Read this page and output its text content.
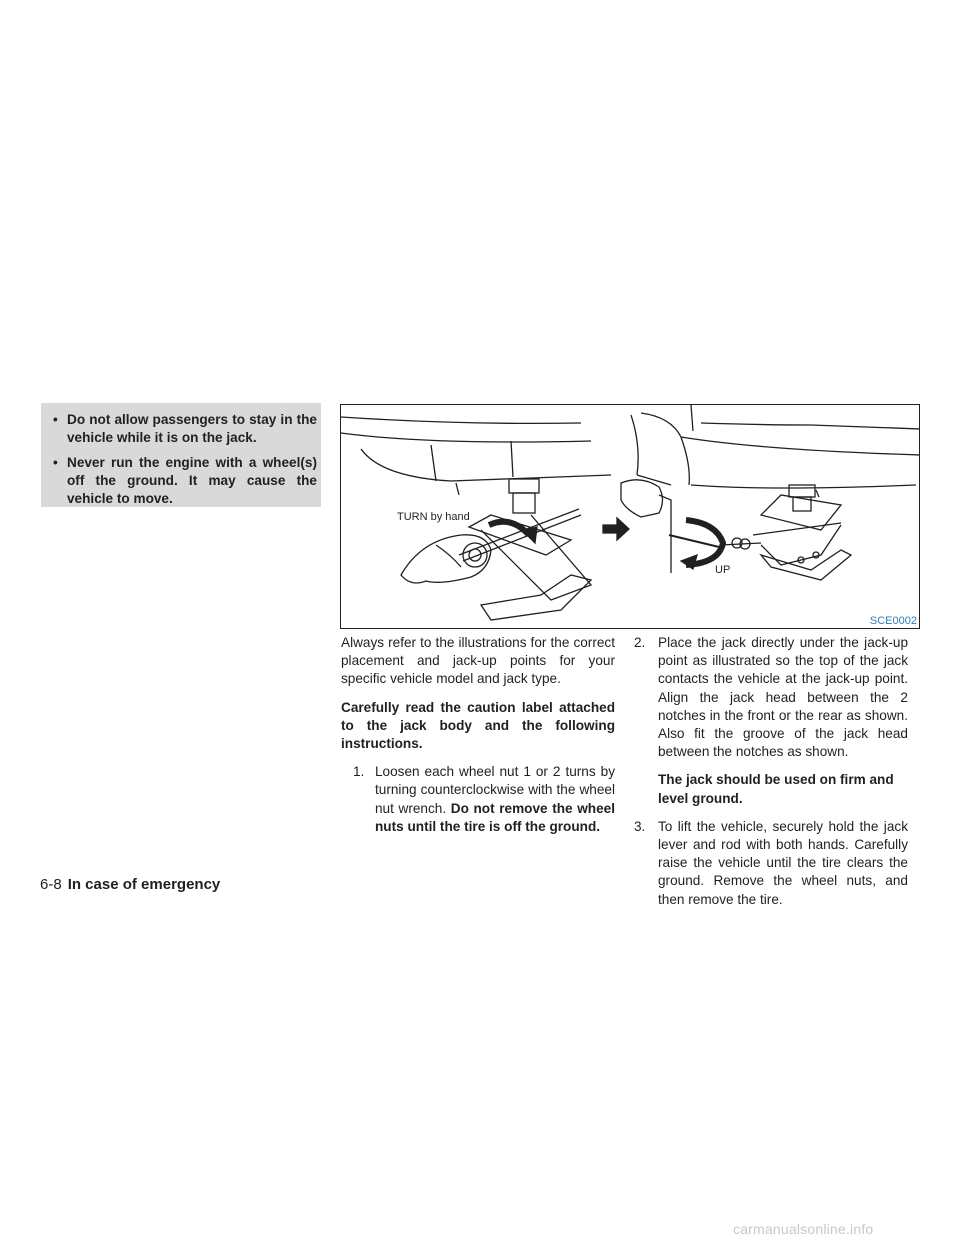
• Do not allow passengers to stay in the vehicle while it is on the jack.
• Never run the engine with a wheel(s) off the ground. It may cause the vehicle to move.
TURN by hand
UP
SCE0002

Always refer to the illustrations for the correct placement and jack-up points for your specific vehicle model and jack type.

Carefully read the caution label attached to the jack body and the following instructions.

1. Loosen each wheel nut 1 or 2 turns by turning counterclockwise with the wheel nut wrench. Do not remove the wheel nuts until the tire is off the ground.
2. Place the jack directly under the jack-up point as illustrated so the top of the jack contacts the vehicle at the jack-up point. Align the jack head between the 2 notches in the front or the rear as shown. Also fit the groove of the jack head between the notches as shown.
The jack should be used on firm and level ground.
3. To lift the vehicle, securely hold the jack lever and rod with both hands. Carefully raise the vehicle until the tire clears the ground. Remove the wheel nuts, and then remove the tire.
6-8 In case of emergency
carmanualsonline.info
